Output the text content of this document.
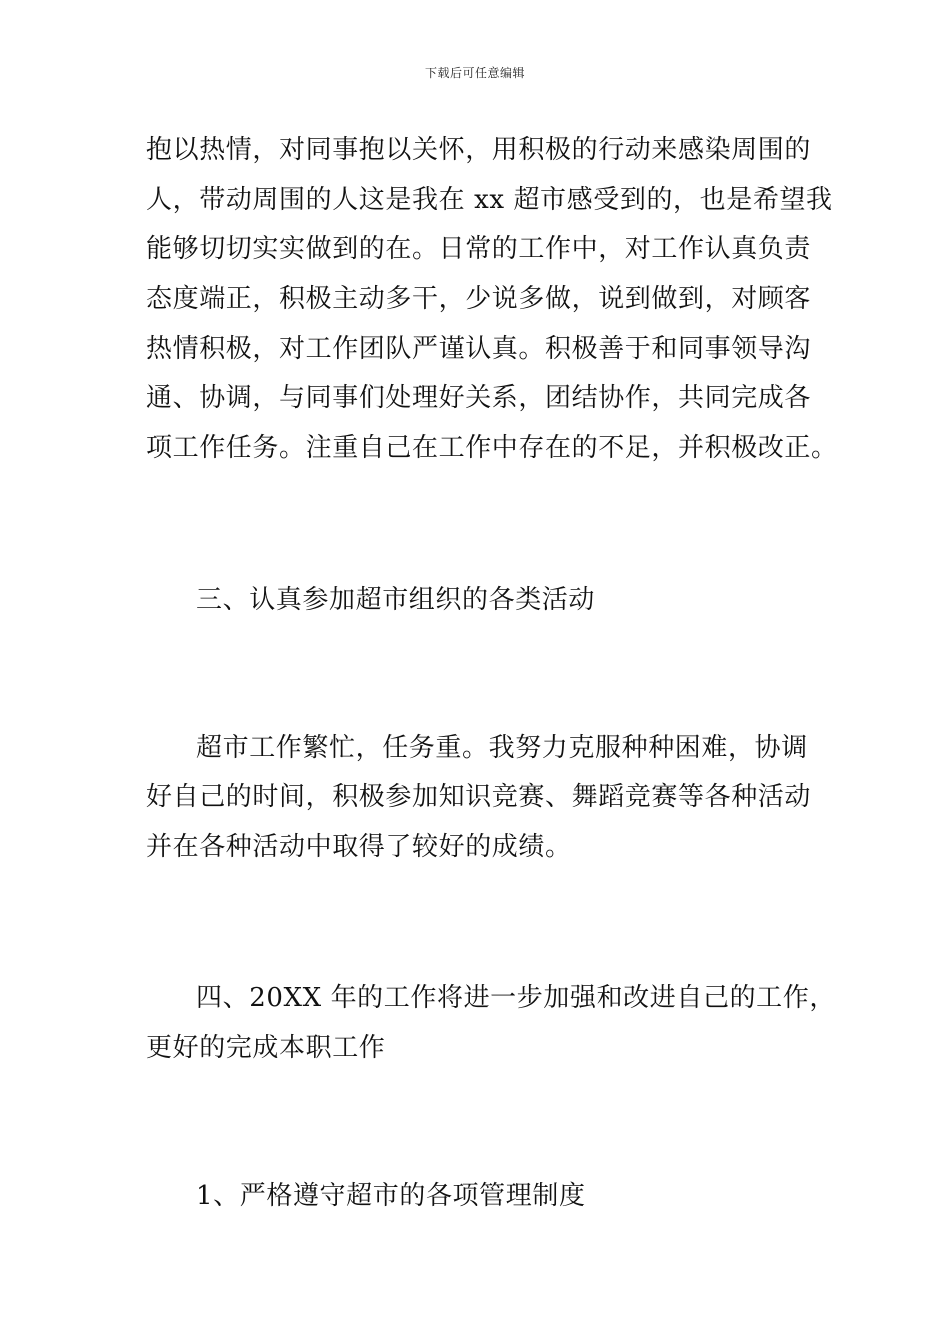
下载后可任意编辑
抱以热情，对同事抱以关怀，用积极的行动来感染周围的
人，带动周围的人这是我在 xx 超市感受到的，也是希望我
能够切切实实做到的在。日常的工作中，对工作认真负责
态度端正，积极主动多干，少说多做，说到做到，对顾客
热情积极，对工作团队严谨认真。积极善于和同事领导沟
通、协调，与同事们处理好关系，团结协作，共同完成各
项工作任务。注重自己在工作中存在的不足，并积极改正。
三、认真参加超市组织的各类活动
超市工作繁忙，任务重。我努力克服种种困难，协调
好自己的时间，积极参加知识竞赛、舞蹈竞赛等各种活动
并在各种活动中取得了较好的成绩。
四、20XX 年的工作将进一步加强和改进自己的工作，
更好的完成本职工作
1、严格遵守超市的各项管理制度
